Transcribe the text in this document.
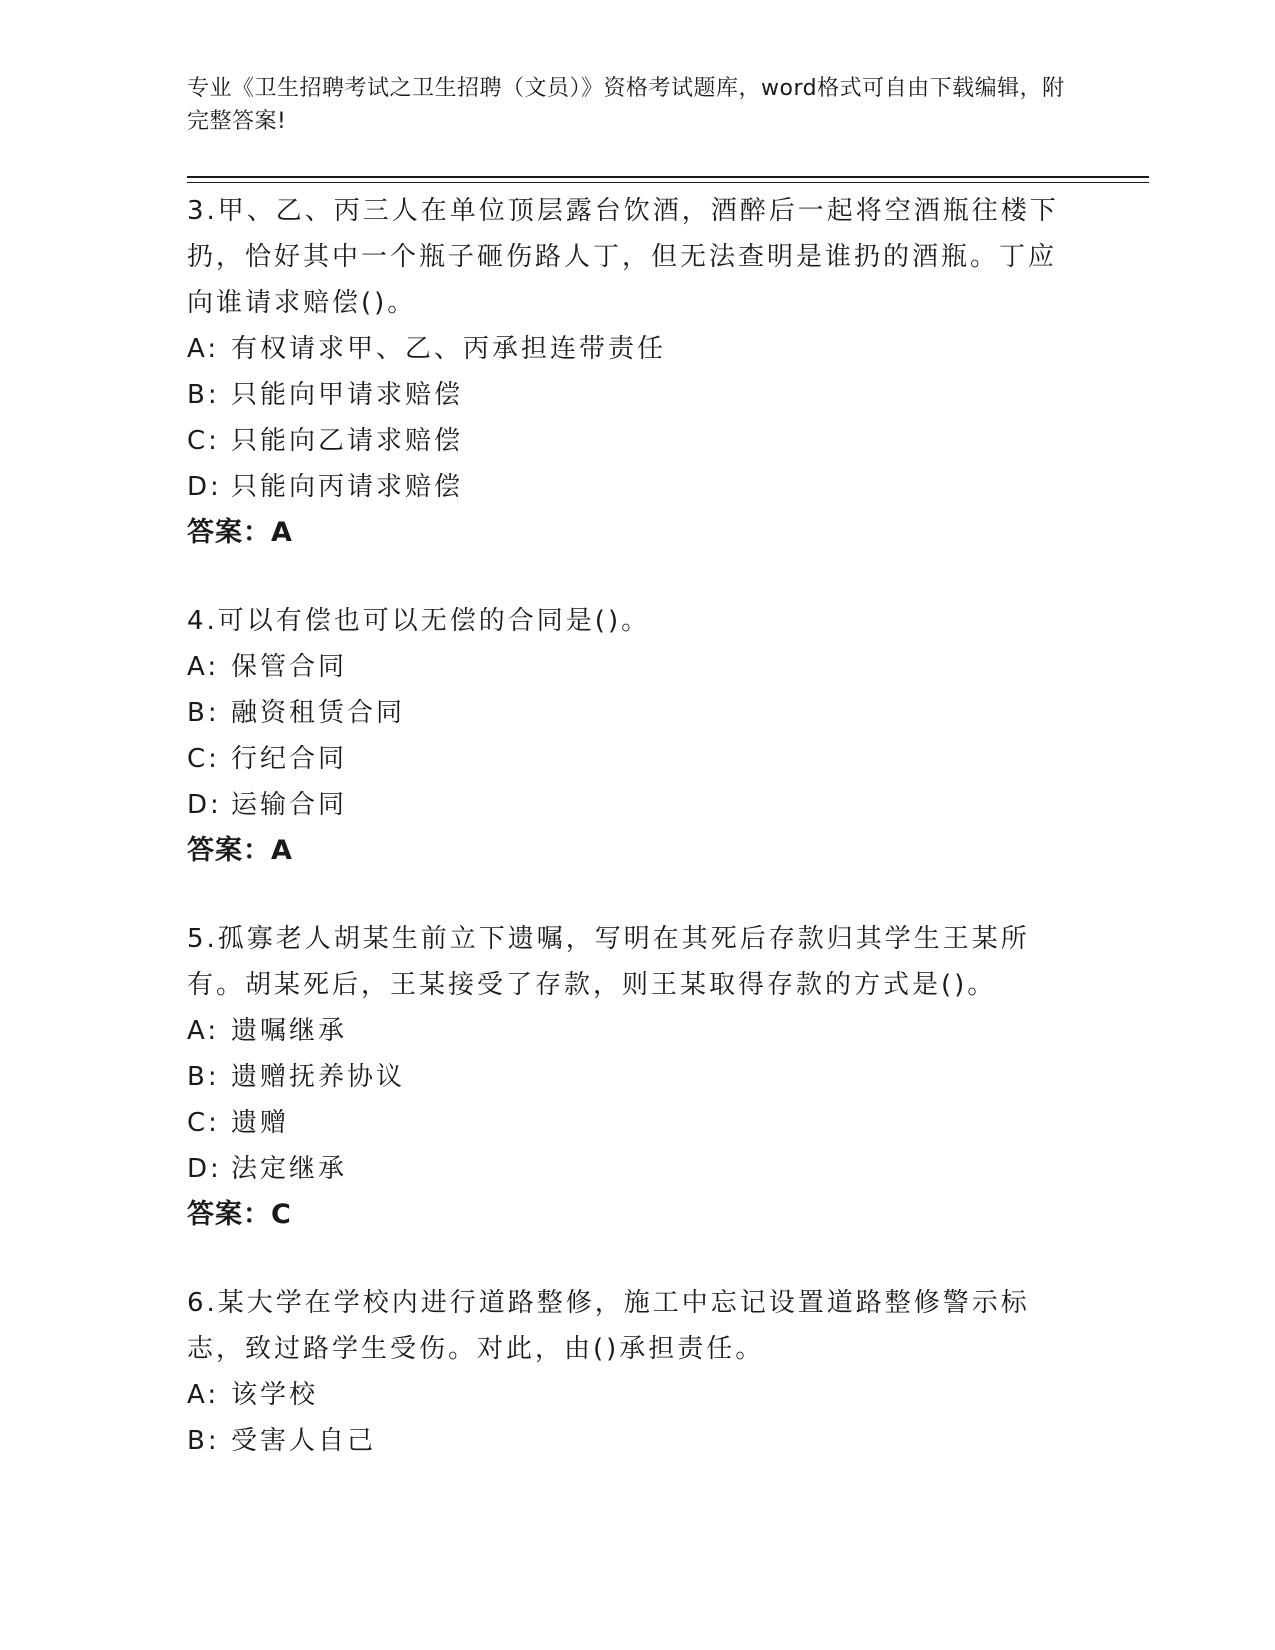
专业《卫生招聘考试之卫生招聘（文员）》资格考试题库，word格式可自由下载编辑，附完整答案!
3.甲、乙、丙三人在单位顶层露台饮酒，酒醉后一起将空酒瓶往楼下扔，恰好其中一个瓶子砸伤路人丁，但无法查明是谁扔的酒瓶。丁应向谁请求赔偿()。
A: 有权请求甲、乙、丙承担连带责任
B: 只能向甲请求赔偿
C: 只能向乙请求赔偿
D: 只能向丙请求赔偿
答案：A
4.可以有偿也可以无偿的合同是()。
A: 保管合同
B: 融资租赁合同
C: 行纪合同
D: 运输合同
答案：A
5.孤寡老人胡某生前立下遗嘱，写明在其死后存款归其学生王某所有。胡某死后，王某接受了存款，则王某取得存款的方式是()。
A: 遗嘱继承
B: 遗赠抚养协议
C: 遗赠
D: 法定继承
答案：C
6.某大学在学校内进行道路整修，施工中忘记设置道路整修警示标志，致过路学生受伤。对此，由()承担责任。
A: 该学校
B: 受害人自己
